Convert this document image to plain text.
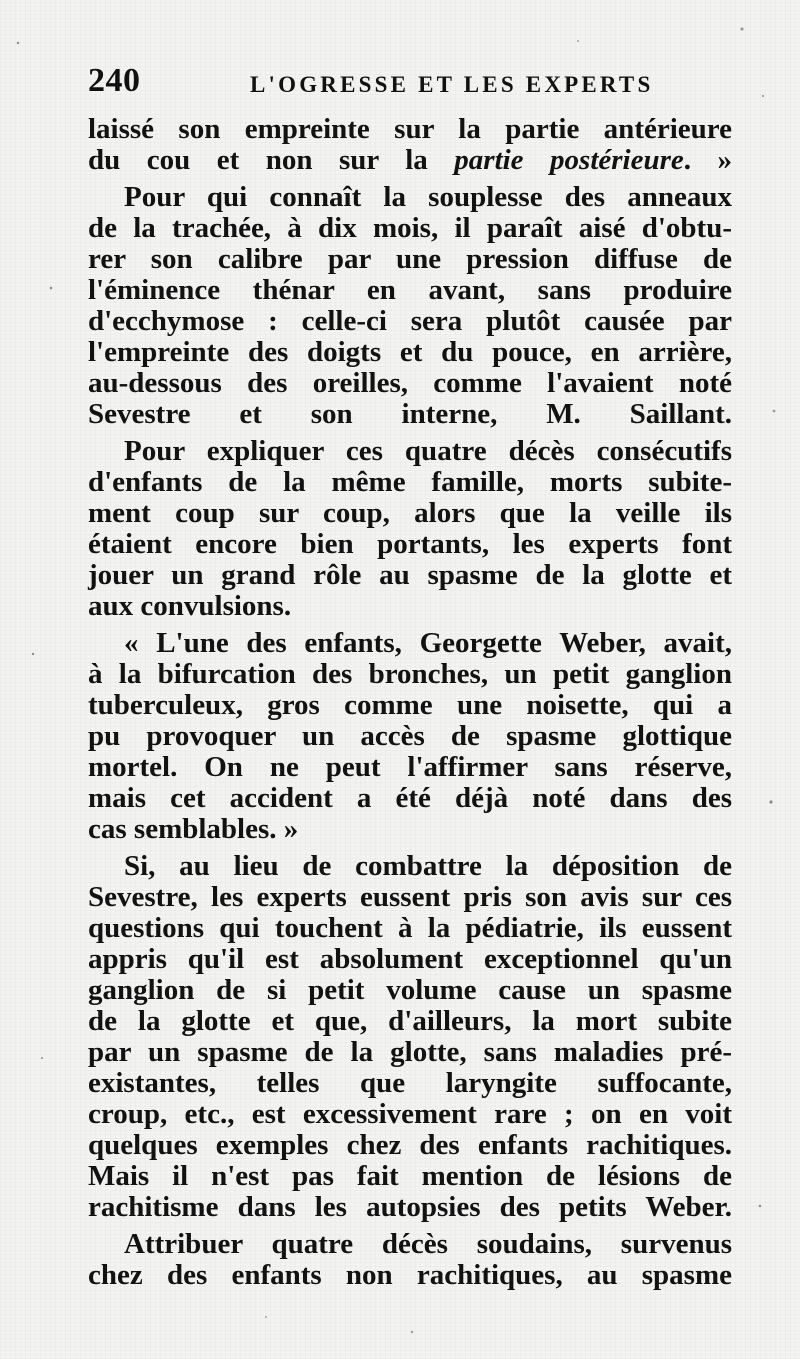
240	L'OGRESSE ET LES EXPERTS
laissé son empreinte sur la partie antérieure
du cou et non sur la partie postérieure. »
Pour qui connaît la souplesse des anneaux
de la trachée, à dix mois, il paraît aisé d'obtu-
rer son calibre par une pression diffuse de
l'éminence thénar en avant, sans produire
d'ecchymose : celle-ci sera plutôt causée par
l'empreinte des doigts et du pouce, en arrière,
au-dessous des oreilles, comme l'avaient noté
Sevestre et son interne, M. Saillant.
Pour expliquer ces quatre décès consécutifs
d'enfants de la même famille, morts subite-
ment coup sur coup, alors que la veille ils
étaient encore bien portants, les experts font
jouer un grand rôle au spasme de la glotte et
aux convulsions.
« L'une des enfants, Georgette Weber, avait,
à la bifurcation des bronches, un petit ganglion
tuberculeux, gros comme une noisette, qui a
pu provoquer un accès de spasme glottique
mortel. On ne peut l'affirmer sans réserve,
mais cet accident a été déjà noté dans des
cas semblables. »
Si, au lieu de combattre la déposition de
Sevestre, les experts eussent pris son avis sur ces
questions qui touchent à la pédiatrie, ils eussent
appris qu'il est absolument exceptionnel qu'un
ganglion de si petit volume cause un spasme
de la glotte et que, d'ailleurs, la mort subite
par un spasme de la glotte, sans maladies pré-
existantes, telles que laryngite suffocante,
croup, etc., est excessivement rare ; on en voit
quelques exemples chez des enfants rachitiques.
Mais il n'est pas fait mention de lésions de
rachitisme dans les autopsies des petits Weber.
Attribuer quatre décès soudains, survenus
chez des enfants non rachitiques, au spasme
